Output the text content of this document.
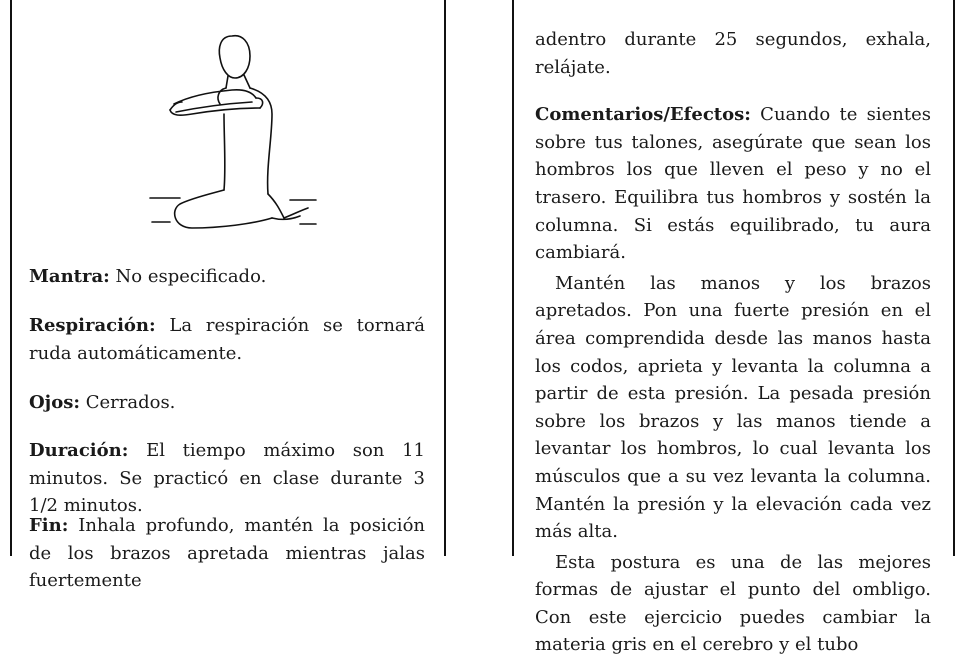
Mantra: No especificado.

Respiración: La respiración se tornará ruda automáticamente.

Ojos: Cerrados.

Duración: El tiempo máximo son 11 minutos. Se practicó en clase durante 3 1/2 minutos.

Fin: Inhala profundo, mantén la posición de los brazos apretada mientras jalas fuertemente

adentro durante 25 segundos, exhala, relájate.

Comentarios/Efectos: Cuando te sientes sobre tus talones, asegúrate que sean los hombros los que lleven el peso y no el trasero. Equilibra tus hombros y sostén la columna. Si estás equilibrado, tu aura cambiará.

Mantén las manos y los brazos apretados. Pon una fuerte presión en el área comprendida desde las manos hasta los codos, aprieta y levanta la columna a partir de esta presión. La pesada presión sobre los brazos y las manos tiende a levantar los hombros, lo cual levanta los músculos que a su vez levanta la columna. Mantén la presión y la elevación cada vez más alta.

Esta postura es una de las mejores formas de ajustar el punto del ombligo. Con este ejercicio puedes cambiar la materia gris en el cerebro y el tubo
